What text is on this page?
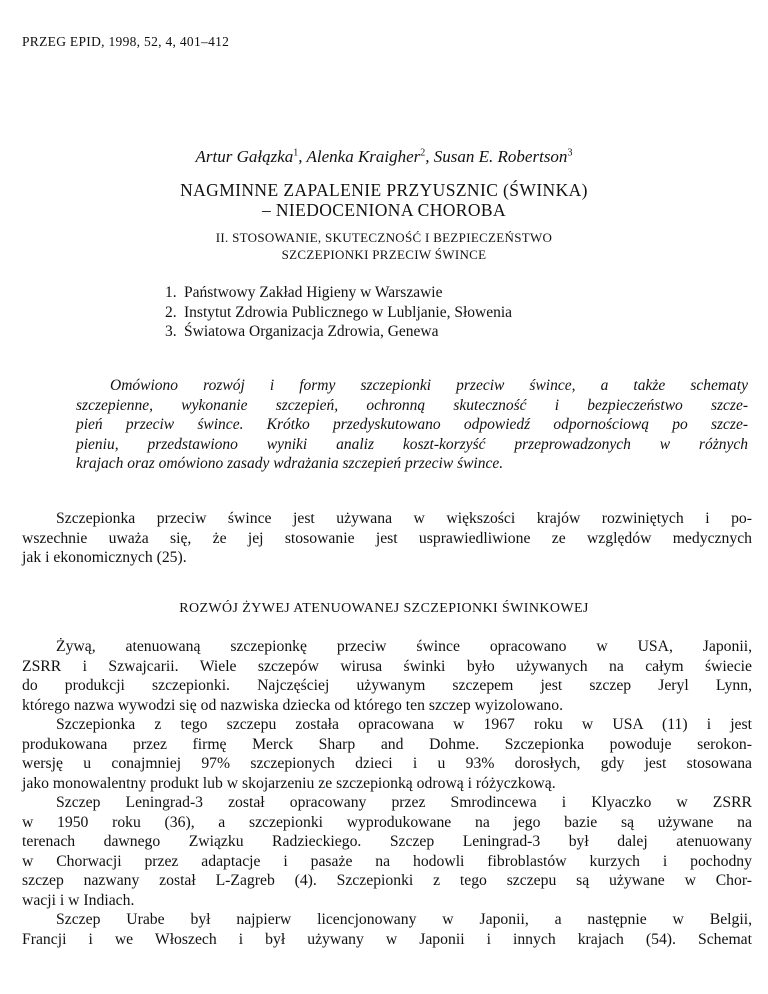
PRZEG EPID, 1998, 52, 4, 401–412
Artur Gałązka$^1$, Alenka Kraigher$^2$, Susan E. Robertson$^3$
NAGMINNE ZAPALENIE PRZYUSZNIC (ŚWINKA)
– NIEDOCENIONA CHOROBA
II. STOSOWANIE, SKUTECZNOŚĆ I BEZPIECZEŃSTWO
SZCZEPIONKI PRZECIW ŚWINCE
1. Państwowy Zakład Higieny w Warszawie
2. Instytut Zdrowia Publicznego w Lubljanie, Słowenia
3. Światowa Organizacja Zdrowia, Genewa
Omówiono rozwój i formy szczepionki przeciw śwince, a także schematy
szczepienne, wykonanie szczepień, ochronną skuteczność i bezpieczeństwo szcze-
pień przeciw śwince. Krótko przedyskutowano odpowiedź odpornościową po szcze-
pieniu, przedstawiono wyniki analiz koszt-korzyść przeprowadzonych w różnych
krajach oraz omówiono zasady wdrażania szczepień przeciw śwince.
Szczepionka przeciw śwince jest używana w większości krajów rozwiniętych i po-
wszechnie uważa się, że jej stosowanie jest usprawiedliwione ze względów medycznych
jak i ekonomicznych (25).
ROZWÓJ ŻYWEJ ATENUOWANEJ SZCZEPIONKI ŚWINKOWEJ
Żywą, atenuowaną szczepionkę przeciw śwince opracowano w USA, Japonii,
ZSRR i Szwajcarii. Wiele szczepów wirusa świnki było używanych na całym świecie
do produkcji szczepionki. Najczęściej używanym szczepem jest szczep Jeryl Lynn,
którego nazwa wywodzi się od nazwiska dziecka od którego ten szczep wyizolowano.
Szczepionka z tego szczepu została opracowana w 1967 roku w USA (11) i jest
produkowana przez firmę Merck Sharp and Dohme. Szczepionka powoduje serokon-
wersję u conajmniej 97% szczepionych dzieci i u 93% dorosłych, gdy jest stosowana
jako monowalentny produkt lub w skojarzeniu ze szczepionką odrową i różyczkową.
Szczep Leningrad-3 został opracowany przez Smrodincewa i Klyaczko w ZSRR
w 1950 roku (36), a szczepionki wyprodukowane na jego bazie są używane na
terenach dawnego Związku Radzieckiego. Szczep Leningrad-3 był dalej atenuowany
w Chorwacji przez adaptacje i pasaże na hodowli fibroblastów kurzych i pochodny
szczep nazwany został L-Zagreb (4). Szczepionki z tego szczepu są używane w Chor-
wacji i w Indiach.
Szczep Urabe był najpierw licencjonowany w Japonii, a następnie w Belgii,
Francji i we Włoszech i był używany w Japonii i innych krajach (54). Schemat
